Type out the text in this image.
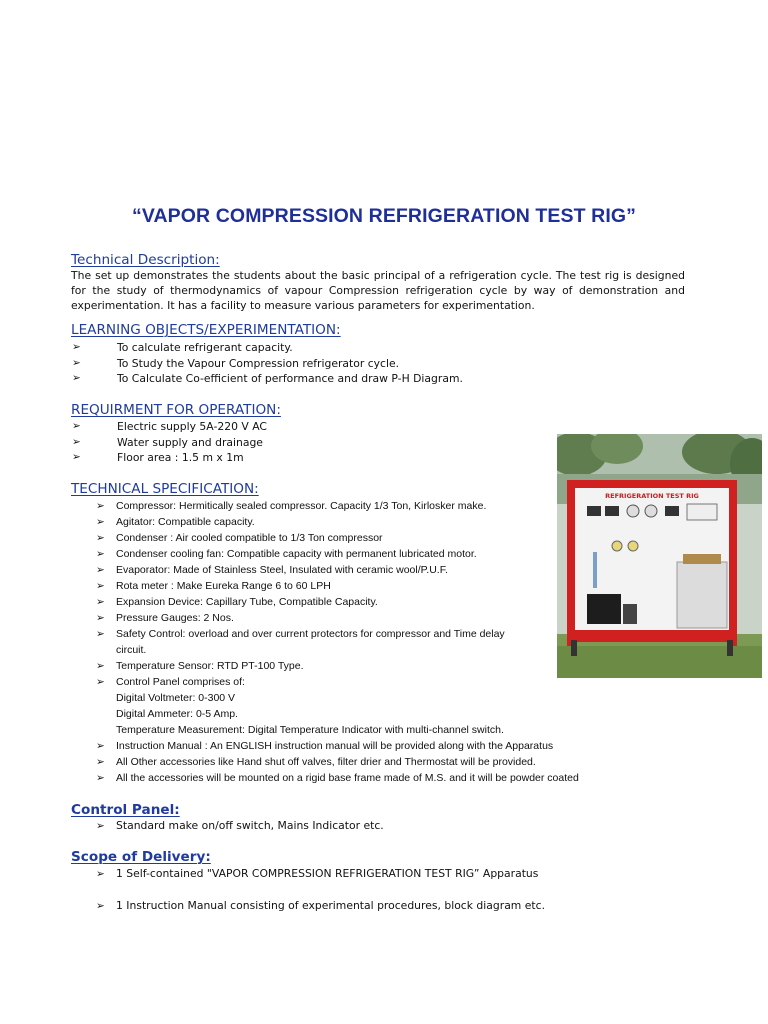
“VAPOR COMPRESSION REFRIGERATION TEST RIG”
Technical Description:
The set up demonstrates the students about the basic principal of a refrigeration cycle. The test rig is designed for the study of thermodynamics of vapour Compression refrigeration cycle by way of demonstration and experimentation. It has a facility to measure various parameters for experimentation.
LEARNING OBJECTS/EXPERIMENTATION:
➢	To calculate refrigerant capacity.
➢	To Study the Vapour Compression refrigerator cycle.
➢	To Calculate Co-efficient of performance and draw P-H Diagram.
REQUIRMENT FOR OPERATION:
➢	Electric supply 5A-220 V AC
➢	Water supply and drainage
➢	Floor area : 1.5 m x 1m
TECHNICAL SPECIFICATION:
➢ Compressor: Hermitically sealed compressor. Capacity 1/3 Ton, Kirlosker make.
➢ Agitator: Compatible capacity.
➢ Condenser : Air cooled compatible to 1/3 Ton compressor
➢ Condenser cooling fan: Compatible capacity with permanent lubricated motor.
➢ Evaporator: Made of Stainless Steel, Insulated with ceramic wool/P.U.F.
➢ Rota meter : Make Eureka Range 6 to 60 LPH
➢ Expansion Device: Capillary Tube, Compatible Capacity.
➢ Pressure Gauges: 2 Nos.
➢ Safety Control: overload and over current protectors for compressor and Time delay
circuit.
➢ Temperature Sensor: RTD PT-100 Type.
➢ Control Panel comprises of:
Digital Voltmeter: 0-300 V
Digital Ammeter: 0-5 Amp.
Temperature Measurement: Digital Temperature Indicator with multi-channel switch.
➢ Instruction Manual : An ENGLISH instruction manual will be provided along with the Apparatus
➢ All Other accessories like Hand shut off valves, filter drier and Thermostat will be provided.
➢ All the accessories will be mounted on a rigid base frame made of M.S. and it will be powder coated
Control Panel:
➢ Standard make on/off switch, Mains Indicator etc.
Scope of Delivery:
➢ 1 Self-contained "VAPOR COMPRESSION REFRIGERATION TEST RIG” Apparatus
➢ 1 Instruction Manual consisting of experimental procedures, block diagram etc.
REFRIGERATION TEST RIG
